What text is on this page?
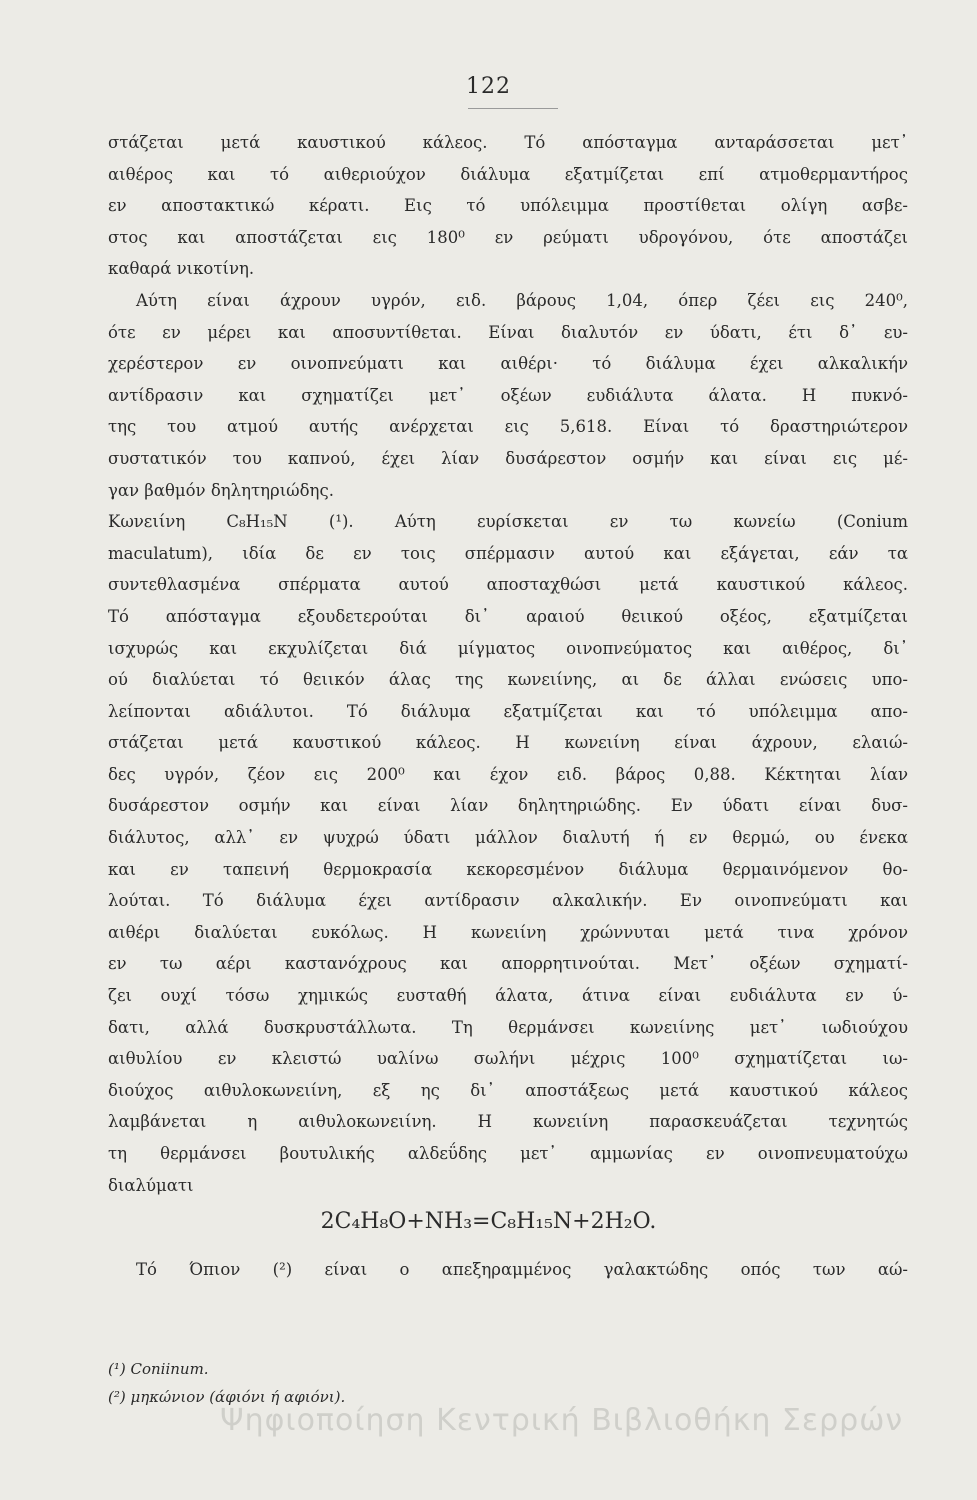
122
στάζεται μετά καυστικού κάλεος. Τό απόσταγμα ανταράσσεται μετ᾽
αιθέρος και τό αιθεριούχον διάλυμα εξατμίζεται επί ατμοθερμαντήρος
εν αποστακτικώ κέρατι. Εις τό υπόλειμμα προστίθεται ολίγη ασβε-
στος και αποστάζεται εις 180⁰ εν ρεύματι υδρογόνου, ότε αποστάζει
καθαρά νικοτίνη.
Αύτη είναι άχρουν υγρόν, ειδ. βάρους 1,04, όπερ ζέει εις 240⁰,
ότε εν μέρει και αποσυντίθεται. Είναι διαλυτόν εν ύδατι, έτι δ᾽ ευ-
χερέστερον εν οινοπνεύματι και αιθέρι· τό διάλυμα έχει αλκαλικήν
αντίδρασιν και σχηματίζει μετ᾽ οξέων ευδιάλυτα άλατα. Η πυκνό-
της του ατμού αυτής ανέρχεται εις 5,618. Είναι τό δραστηριώτερον
συστατικόν του καπνού, έχει λίαν δυσάρεστον οσμήν και είναι εις μέ-
γαν βαθμόν δηλητηριώδης.
Κωνειίνη C₈H₁₅N (¹). Αύτη ευρίσκεται εν τω κωνείω (Conium
maculatum), ιδία δε εν τοις σπέρμασιν αυτού και εξάγεται, εάν τα
συντεθλασμένα σπέρματα αυτού αποσταχθώσι μετά καυστικού κάλεος.
Τό απόσταγμα εξουδετερούται δι᾽ αραιού θειικού οξέος, εξατμίζεται
ισχυρώς και εκχυλίζεται διά μίγματος οινοπνεύματος και αιθέρος, δι᾽
ού διαλύεται τό θειικόν άλας της κωνειίνης, αι δε άλλαι ενώσεις υπο-
λείπονται αδιάλυτοι. Τό διάλυμα εξατμίζεται και τό υπόλειμμα απο-
στάζεται μετά καυστικού κάλεος. Η κωνειίνη είναι άχρουν, ελαιώ-
δες υγρόν, ζέον εις 200⁰ και έχον ειδ. βάρος 0,88. Κέκτηται λίαν
δυσάρεστον οσμήν και είναι λίαν δηλητηριώδης. Εν ύδατι είναι δυσ-
διάλυτος, αλλ᾽ εν ψυχρώ ύδατι μάλλον διαλυτή ή εν θερμώ, ου ένεκα
και εν ταπεινή θερμοκρασία κεκορεσμένον διάλυμα θερμαινόμενον θο-
λούται. Τό διάλυμα έχει αντίδρασιν αλκαλικήν. Εν οινοπνεύματι και
αιθέρι διαλύεται ευκόλως. Η κωνειίνη χρώννυται μετά τινα χρόνον
εν τω αέρι καστανόχρους και απορρητινούται. Μετ᾽ οξέων σχηματί-
ζει ουχί τόσω χημικώς ευσταθή άλατα, άτινα είναι ευδιάλυτα εν ύ-
δατι, αλλά δυσκρυστάλλωτα. Τη θερμάνσει κωνειίνης μετ᾽ ιωδιούχου
αιθυλίου εν κλειστώ υαλίνω σωλήνι μέχρις 100⁰ σχηματίζεται ιω-
διούχος αιθυλοκωνειίνη, εξ ης δι᾽ αποστάξεως μετά καυστικού κάλεος
λαμβάνεται η αιθυλοκωνειίνη. Η κωνειίνη παρασκευάζεται τεχνητώς
τη θερμάνσει βουτυλικής αλδεΰδης μετ᾽ αμμωνίας εν οινοπνευματούχω
διαλύματι
2C₄H₈O+NH₃=C₈H₁₅N+2H₂O.
Τό Όπιον (²) είναι ο απεξηραμμένος γαλακτώδης οπός των αώ-
(¹) Coniinum.
(²) μηκώνιον (άφιόνι ή αφιόνι).
Ψηφιοποίηση Κεντρική Βιβλιοθήκη Σερρών
